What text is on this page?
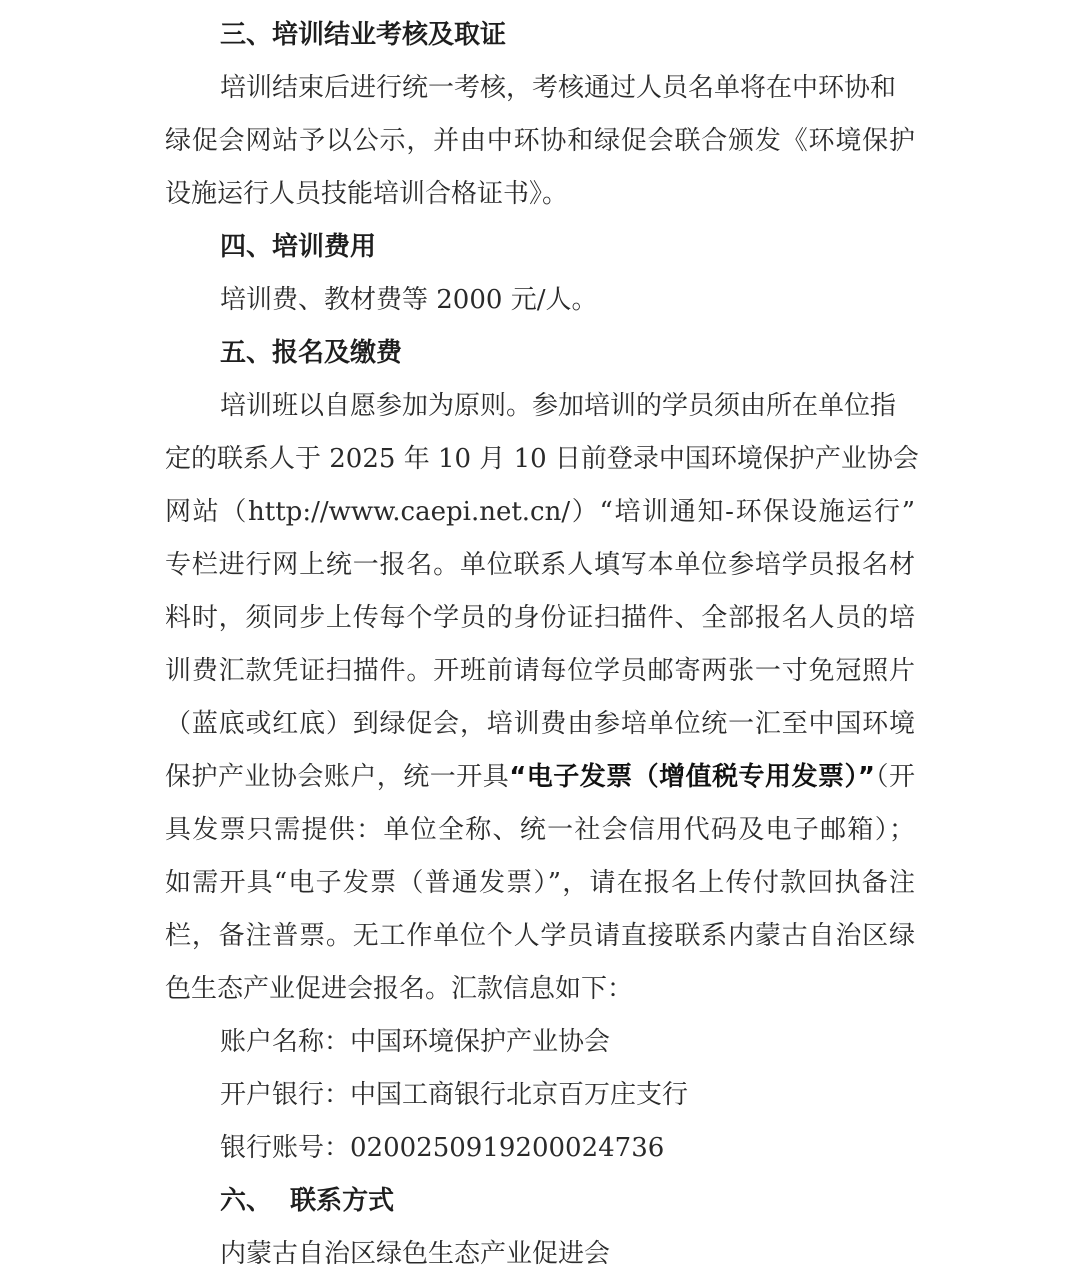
三、培训结业考核及取证
培训结束后进行统一考核，考核通过人员名单将在中环协和
绿促会网站予以公示，并由中环协和绿促会联合颁发《环境保护
设施运行人员技能培训合格证书》。
四、培训费用
培训费、教材费等 2000 元/人。
五、报名及缴费
培训班以自愿参加为原则。参加培训的学员须由所在单位指
定的联系人于 2025 年 10 月 10 日前登录中国环境保护产业协会
网站（http://www.caepi.net.cn/）“培训通知-环保设施运行”
专栏进行网上统一报名。单位联系人填写本单位参培学员报名材
料时，须同步上传每个学员的身份证扫描件、全部报名人员的培
训费汇款凭证扫描件。开班前请每位学员邮寄两张一寸免冠照片
（蓝底或红底）到绿促会，培训费由参培单位统一汇至中国环境
保护产业协会账户，统一开具“电子发票（增值税专用发票）”（开
具发票只需提供：单位全称、统一社会信用代码及电子邮箱）；
如需开具“电子发票（普通发票）”，请在报名上传付款回执备注
栏，备注普票。无工作单位个人学员请直接联系内蒙古自治区绿
色生态产业促进会报名。汇款信息如下：
账户名称：中国环境保护产业协会
开户银行：中国工商银行北京百万庄支行
银行账号：0200250919200024736
六、  联系方式
内蒙古自治区绿色生态产业促进会
